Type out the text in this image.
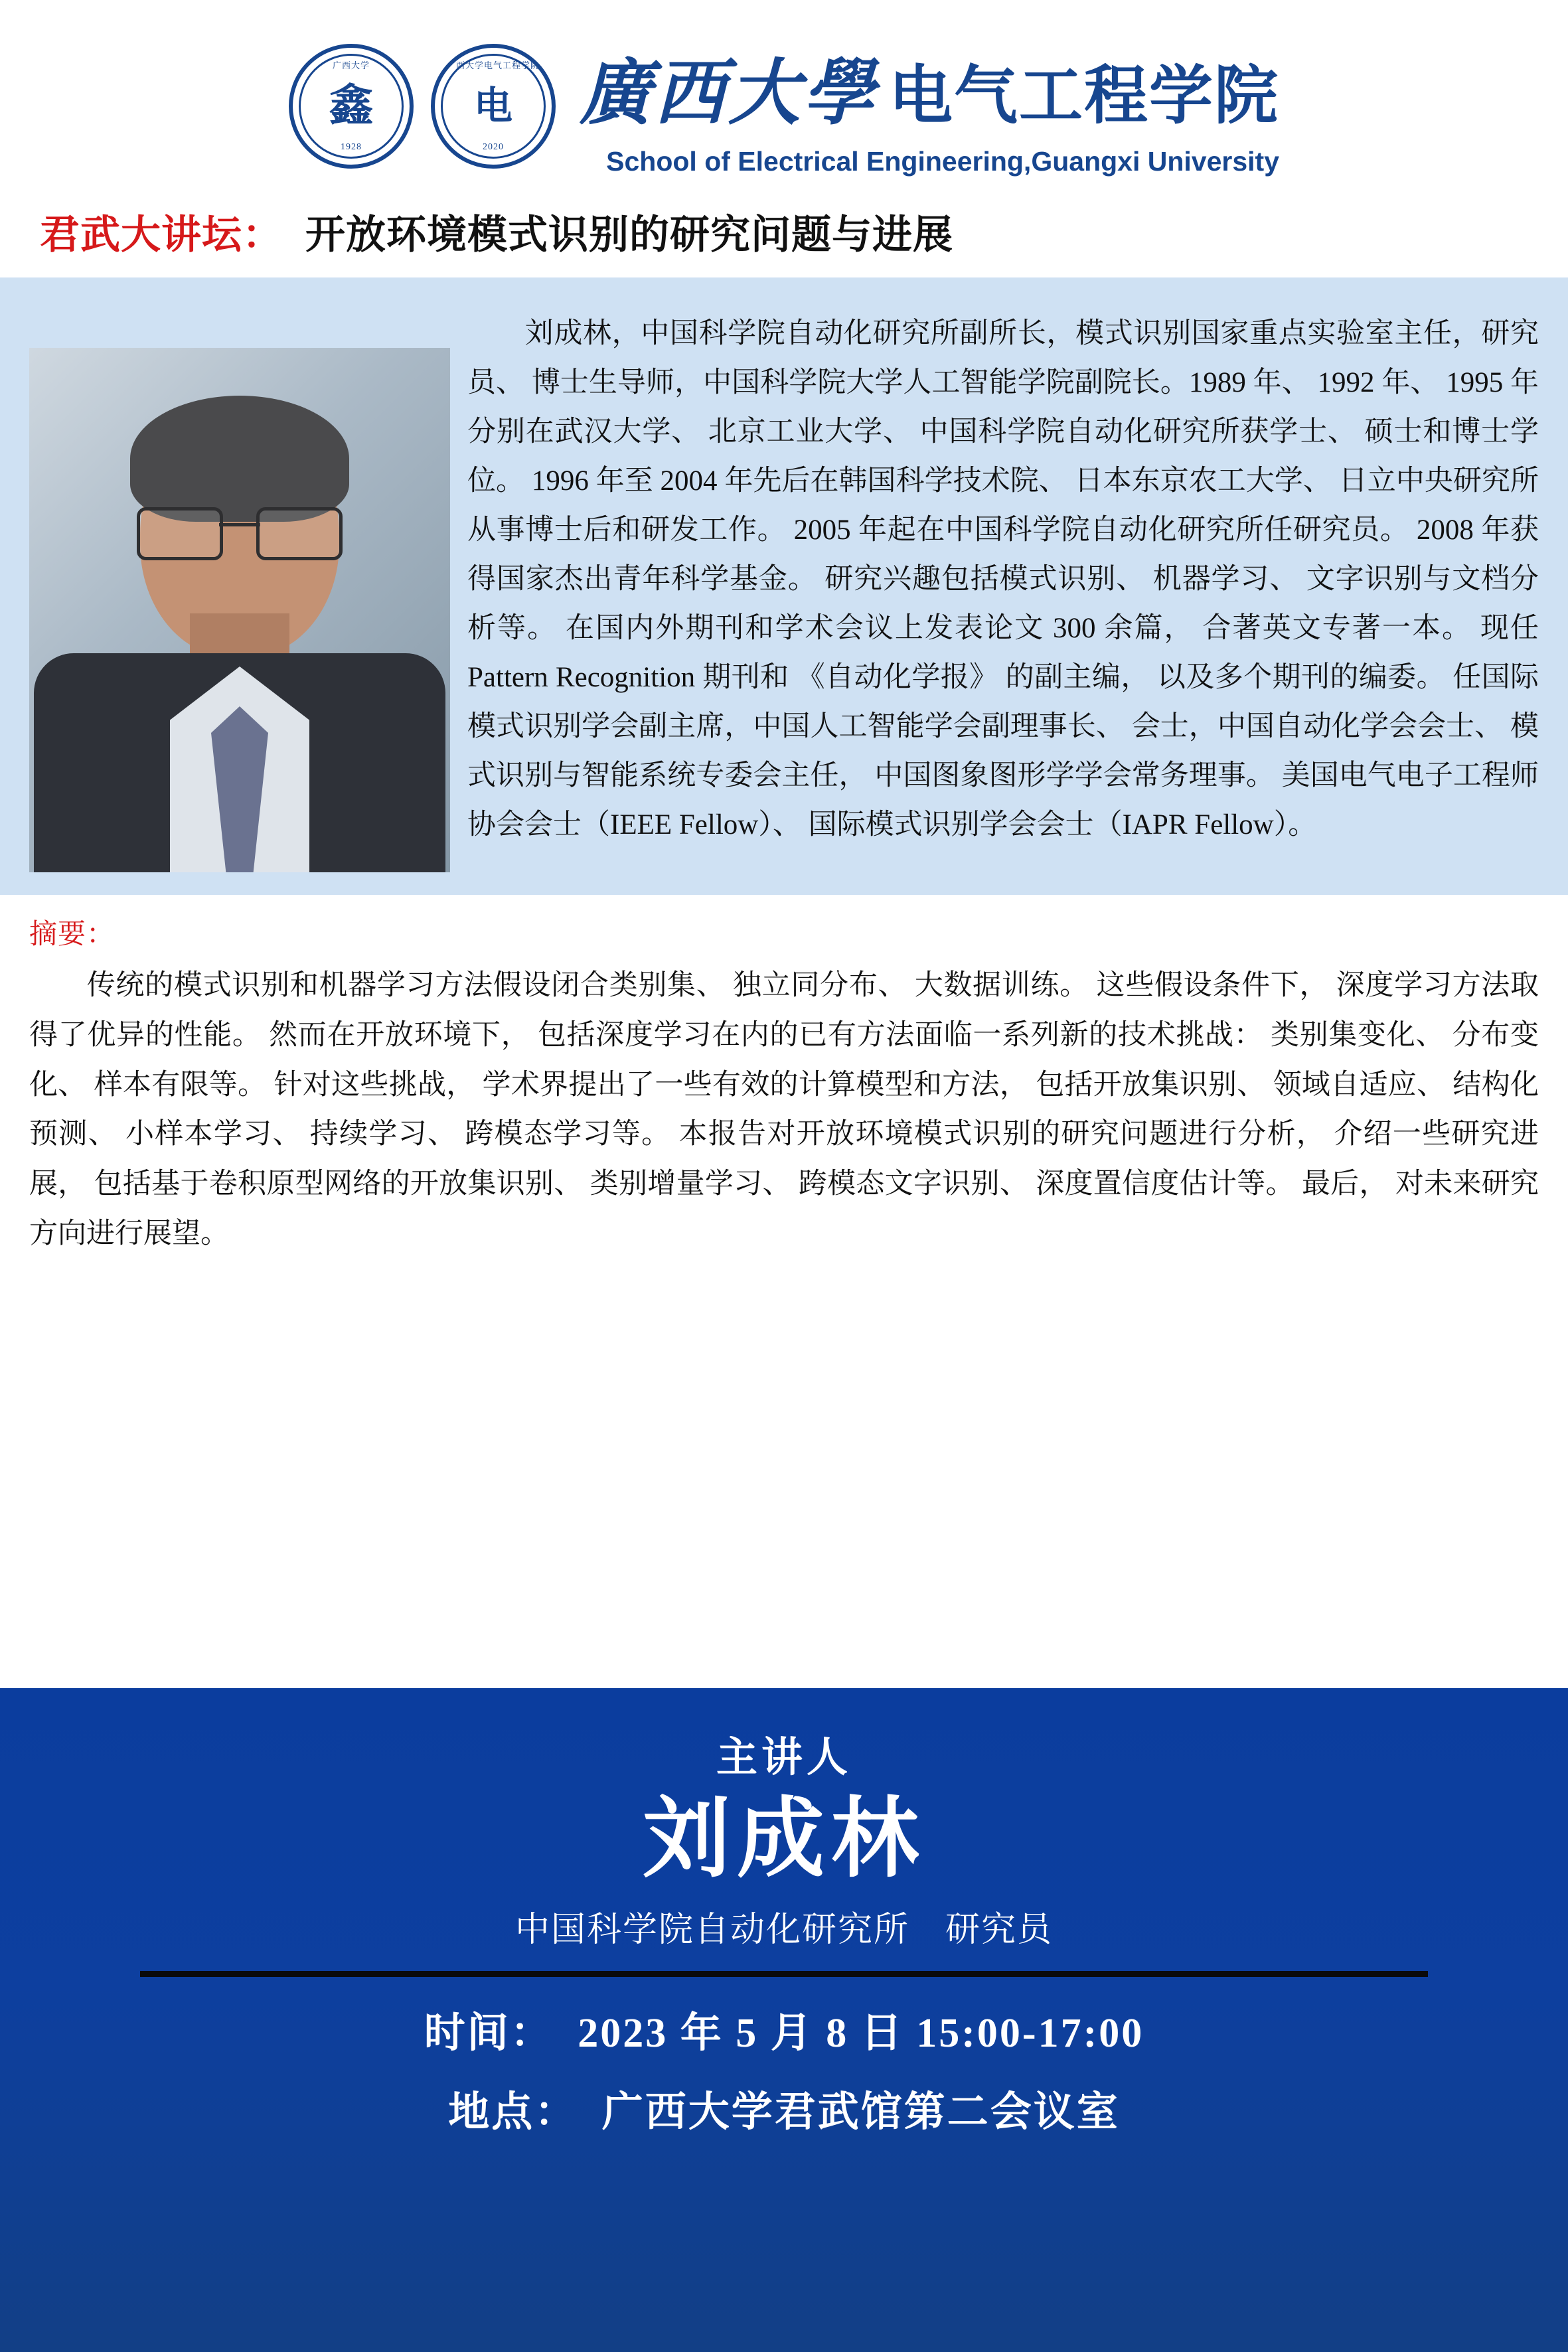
广西大学
鑫
1928
广西大学电气工程学院
电
2020
廣西大學 电气工程学院
School of Electrical Engineering,Guangxi University
君武大讲坛： 开放环境模式识别的研究问题与进展
刘成林，中国科学院自动化研究所副所长，模式识别国家重点实验室主任，研究员、 博士生导师，中国科学院大学人工智能学院副院长。1989 年、 1992 年、 1995 年分别在武汉大学、 北京工业大学、 中国科学院自动化研究所获学士、 硕士和博士学位。 1996 年至 2004 年先后在韩国科学技术院、 日本东京农工大学、 日立中央研究所从事博士后和研发工作。 2005 年起在中国科学院自动化研究所任研究员。 2008 年获得国家杰出青年科学基金。 研究兴趣包括模式识别、 机器学习、 文字识别与文档分析等。 在国内外期刊和学术会议上发表论文 300 余篇， 合著英文专著一本。 现任 Pattern Recognition 期刊和 《自动化学报》 的副主编， 以及多个期刊的编委。 任国际模式识别学会副主席，中国人工智能学会副理事长、 会士，中国自动化学会会士、 模式识别与智能系统专委会主任， 中国图象图形学学会常务理事。 美国电气电子工程师协会会士（IEEE Fellow）、 国际模式识别学会会士（IAPR Fellow）。
摘要：
传统的模式识别和机器学习方法假设闭合类别集、 独立同分布、 大数据训练。 这些假设条件下， 深度学习方法取得了优异的性能。 然而在开放环境下， 包括深度学习在内的已有方法面临一系列新的技术挑战： 类别集变化、 分布变化、 样本有限等。 针对这些挑战， 学术界提出了一些有效的计算模型和方法， 包括开放集识别、 领域自适应、 结构化预测、 小样本学习、 持续学习、 跨模态学习等。 本报告对开放环境模式识别的研究问题进行分析， 介绍一些研究进展， 包括基于卷积原型网络的开放集识别、 类别增量学习、 跨模态文字识别、 深度置信度估计等。 最后， 对未来研究方向进行展望。
主讲人
刘成林
中国科学院自动化研究所　研究员
时间： 2023 年 5 月 8 日 15:00-17:00
地点： 广西大学君武馆第二会议室
